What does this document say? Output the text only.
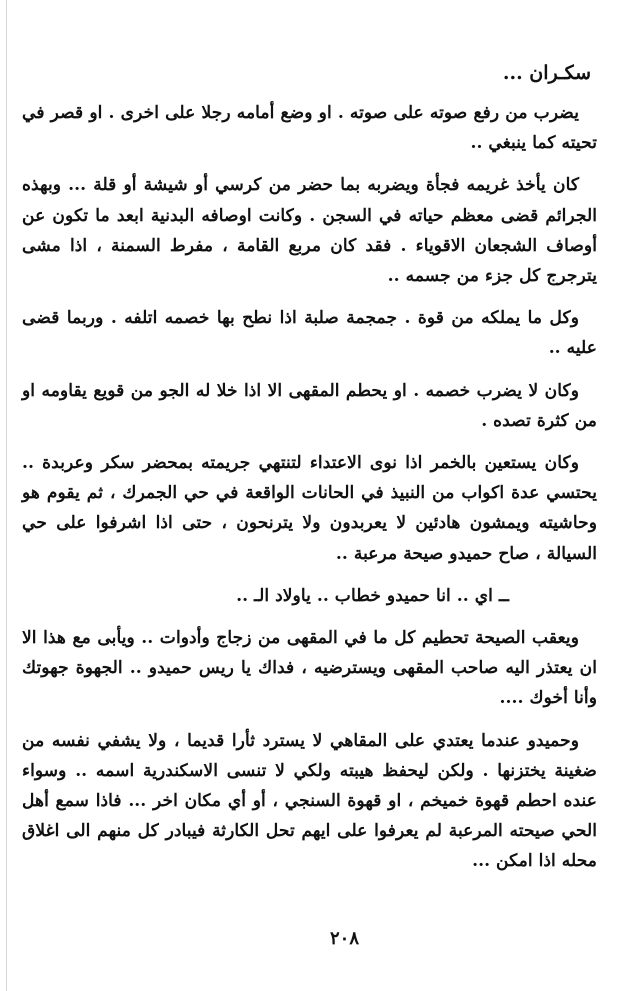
سكـران ...

يضرب من رفع صوته على صوته . او وضع أمامه رجلا على اخرى . او قصر في تحيته كما ينبغي ..

كان يأخذ غريمه فجأة ويضربه بما حضر من كرسي أو شيشة أو قلة ... وبهذه الجرائم قضى معظم حياته في السجن . وكانت اوصافه البدنية ابعد ما تكون عن أوصاف الشجعان الاقوياء . فقد كان مربع القامة ، مفرط السمنة ، اذا مشى يترجرج كل جزء من جسمه ..

وكل ما يملكه من قوة . جمجمة صلبة اذا نطح بها خصمه اتلفه . وربما قضى عليه ..

وكان لا يضرب خصمه . او يحطم المقهى الا اذا خلا له الجو من قويع يقاومه او من كثرة تصده .

وكان يستعين بالخمر اذا نوى الاعتداء لتنتهي جريمته بمحضر سكر وعربدة .. يحتسي عدة اكواب من النبيذ في الحانات الواقعة في حي الجمرك ، ثم يقوم هو وحاشيته ويمشون هادئين لا يعربدون ولا يترنحون ، حتى اذا اشرفوا على حي السيالة ، صاح حميدو صيحة مرعبة ..

ــ اي .. انا حميدو خطاب .. ياولاد الـ ..

ويعقب الصيحة تحطيم كل ما في المقهى من زجاج وأدوات .. ويأبى مع هذا الا ان يعتذر اليه صاحب المقهى ويسترضيه ، فداك يا ريس حميدو .. الجهوة جهوتك وأنا أخوك ....

وحميدو عندما يعتدي على المقاهي لا يسترد ثأرا قديما ، ولا يشفي نفسه من ضغينة يختزنها . ولكن ليحفظ هيبته ولكي لا تنسى الاسكندرية اسمه .. وسواء عنده احطم قهوة خميخم ، او قهوة السنجي ، أو أي مكان اخر ... فاذا سمع أهل الحي صيحته المرعبة لم يعرفوا على ايهم تحل الكارثة فيبادر كل منهم الى اغلاق محله اذا امكن ...

٢٠٨
